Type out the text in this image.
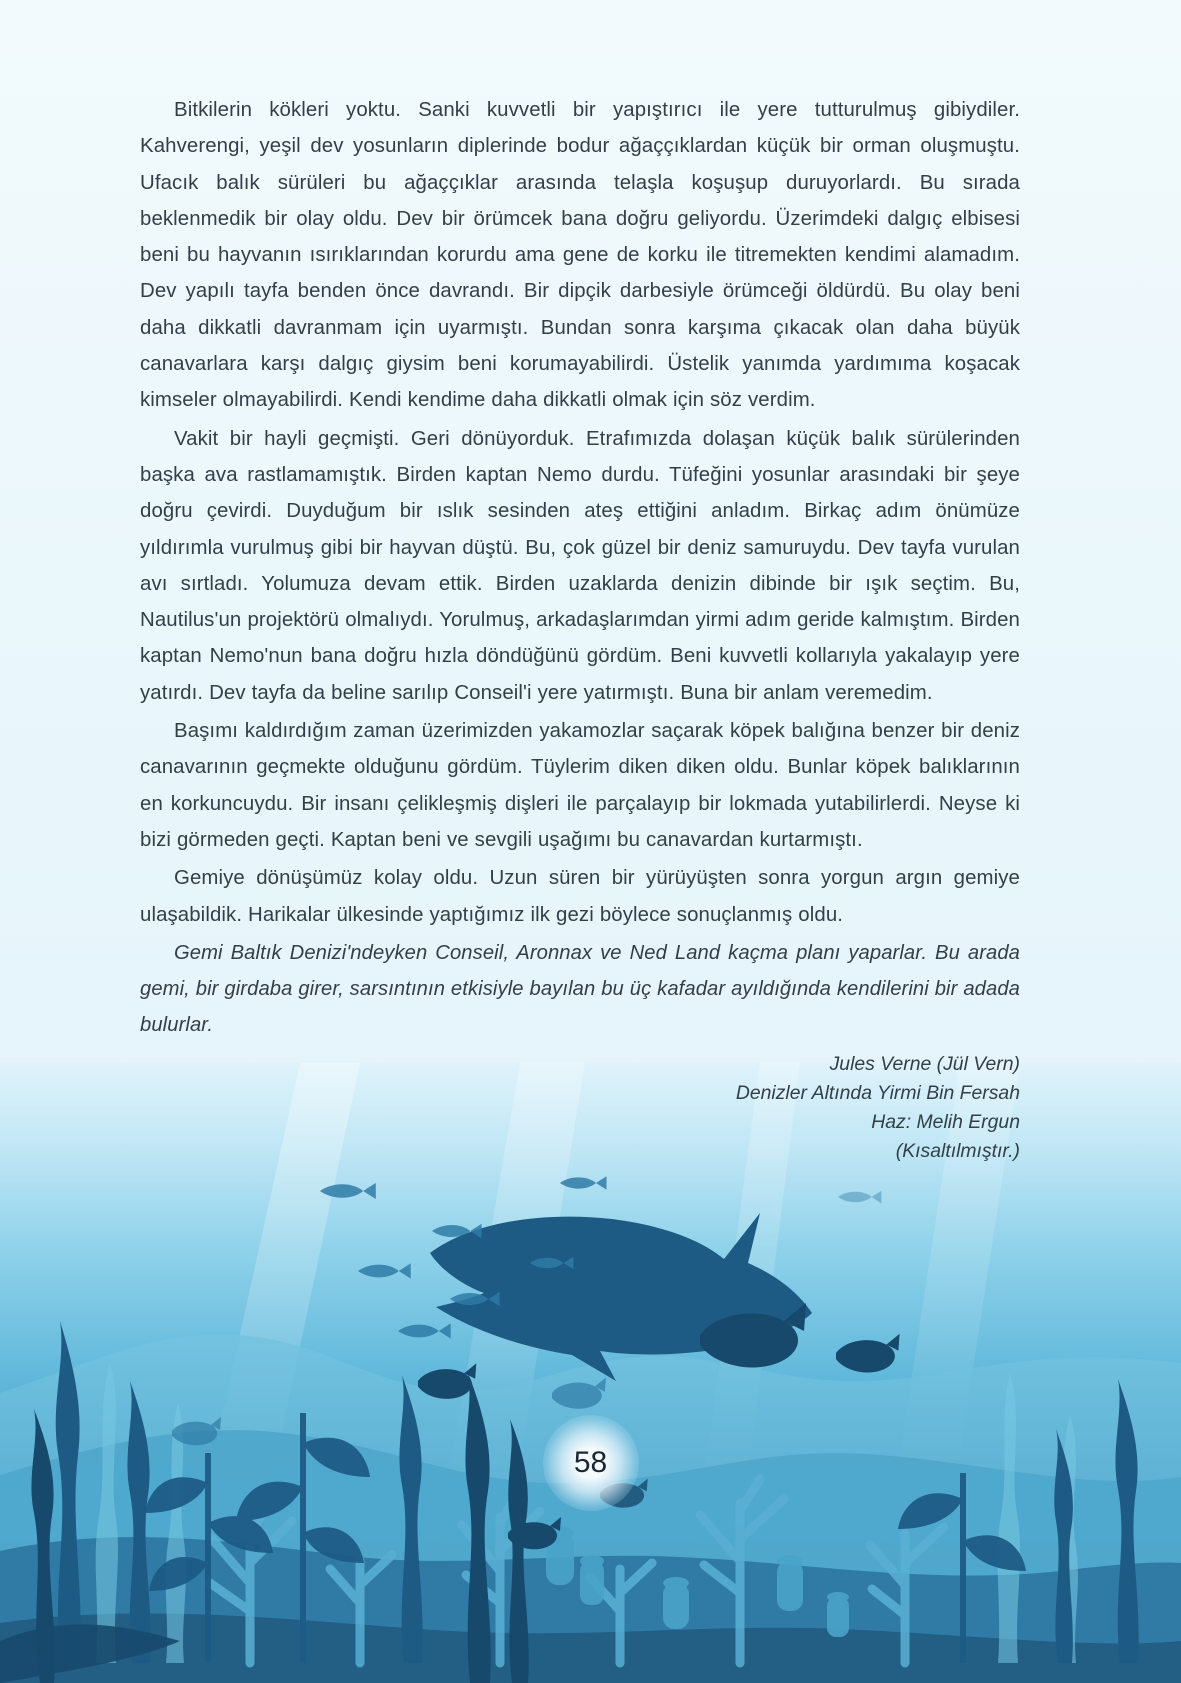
Bitkilerin kökleri yoktu. Sanki kuvvetli bir yapıştırıcı ile yere tutturulmuş gibiydiler. Kahverengi, yeşil dev yosunların diplerinde bodur ağaççıklardan küçük bir orman oluşmuştu. Ufacık balık sürüleri bu ağaççıklar arasında telaşla koşuşup duruyorlardı. Bu sırada beklenmedik bir olay oldu. Dev bir örümcek bana doğru geliyordu. Üzerimdeki dalgıç elbisesi beni bu hayvanın ısırıklarından korurdu ama gene de korku ile titremekten kendimi alamadım. Dev yapılı tayfa benden önce davrandı. Bir dipçik darbesiyle örümceği öldürdü. Bu olay beni daha dikkatli davranmam için uyarmıştı. Bundan sonra karşıma çıkacak olan daha büyük canavarlara karşı dalgıç giysim beni korumayabilirdi. Üstelik yanımda yardımıma koşacak kimseler olmayabilirdi. Kendi kendime daha dikkatli olmak için söz verdim.

Vakit bir hayli geçmişti. Geri dönüyorduk. Etrafımızda dolaşan küçük balık sürülerinden başka ava rastlamamıştık. Birden kaptan Nemo durdu. Tüfeğini yosunlar arasındaki bir şeye doğru çevirdi. Duyduğum bir ıslık sesinden ateş ettiğini anladım. Birkaç adım önümüze yıldırımla vurulmuş gibi bir hayvan düştü. Bu, çok güzel bir deniz samuruydu. Dev tayfa vurulan avı sırtladı. Yolumuza devam ettik. Birden uzaklarda denizin dibinde bir ışık seçtim. Bu, Nautilus'un projektörü olmalıydı. Yorulmuş, arkadaşlarımdan yirmi adım geride kalmıştım. Birden kaptan Nemo'nun bana doğru hızla döndüğünü gördüm. Beni kuvvetli kollarıyla yakalayıp yere yatırdı. Dev tayfa da beline sarılıp Conseil'i yere yatırmıştı. Buna bir anlam veremedim.

Başımı kaldırdığım zaman üzerimizden yakamozlar saçarak köpek balığına benzer bir deniz canavarının geçmekte olduğunu gördüm. Tüylerim diken diken oldu. Bunlar köpek balıklarının en korkuncuydu. Bir insanı çelikleşmiş dişleri ile parçalayıp bir lokmada yutabilirlerdi. Neyse ki bizi görmeden geçti. Kaptan beni ve sevgili uşağımı bu canavardan kurtarmıştı.

Gemiye dönüşümüz kolay oldu. Uzun süren bir yürüyüşten sonra yorgun argın gemiye ulaşabildik. Harikalar ülkesinde yaptığımız ilk gezi böylece sonuçlanmış oldu.

Gemi Baltık Denizi'ndeyken Conseil, Aronnax ve Ned Land kaçma planı yaparlar. Bu arada gemi, bir girdaba girer, sarsıntının etkisiyle bayılan bu üç kafadar ayıldığında kendilerini bir adada bulurlar.

Jules Verne (Jül Vern)
Denizler Altında Yirmi Bin Fersah
Haz: Melih Ergun
(Kısaltılmıştır.)
58
